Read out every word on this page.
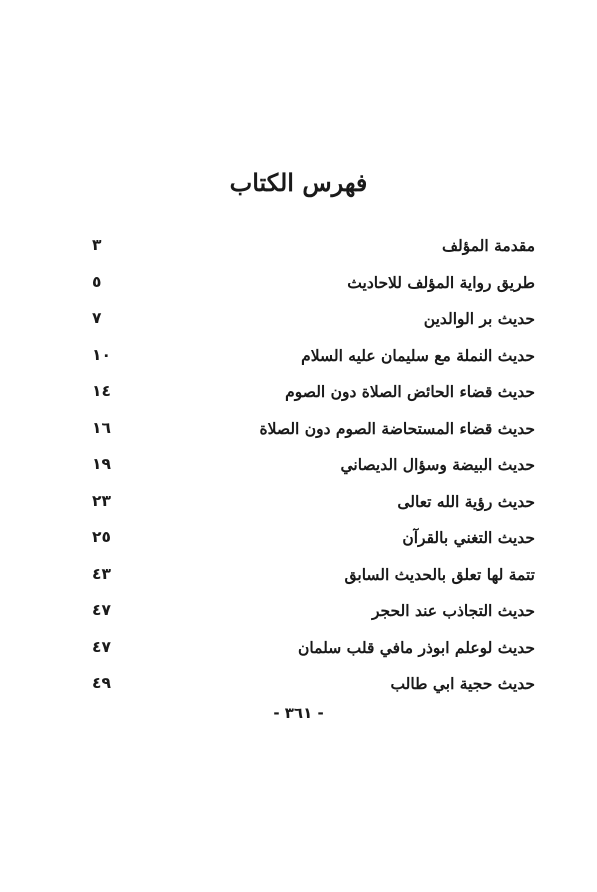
فهرس الكتاب
مقدمة المؤلف
٣
طريق رواية المؤلف للاحاديث
٥
حديث بر الوالدين
٧
حديث النملة مع سليمان عليه السلام
١٠
حديث قضاء الحائض الصلاة دون الصوم
١٤
حديث قضاء المستحاضة الصوم دون الصلاة
١٦
حديث البيضة وسؤال الديصاني
١٩
حديث رؤية الله تعالى
٢٣
حديث التغني بالقرآن
٢٥
تتمة لها تعلق بالحديث السابق
٤٣
حديث التجاذب عند الحجر
٤٧
حديث لوعلم ابوذر مافي قلب سلمان
٤٧
حديث حجية ابي طالب
٤٩
- ٣٦١ -
